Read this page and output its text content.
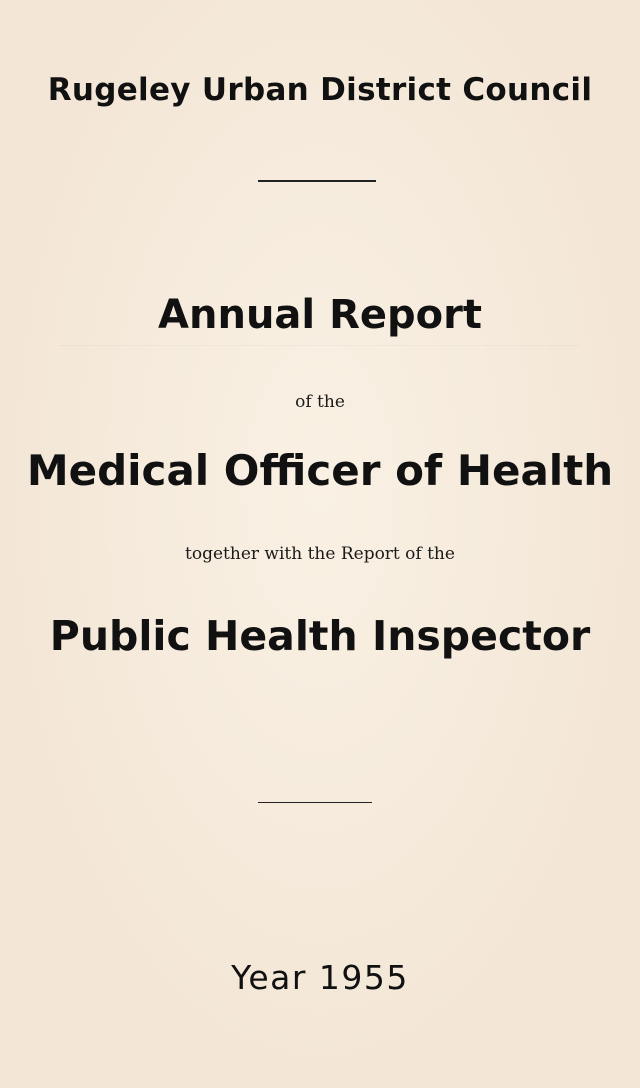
Rugeley Urban District Council
Annual Report

of the

Medical Officer of Health

together with the Report of the

Public Health Inspector
Year 1955
